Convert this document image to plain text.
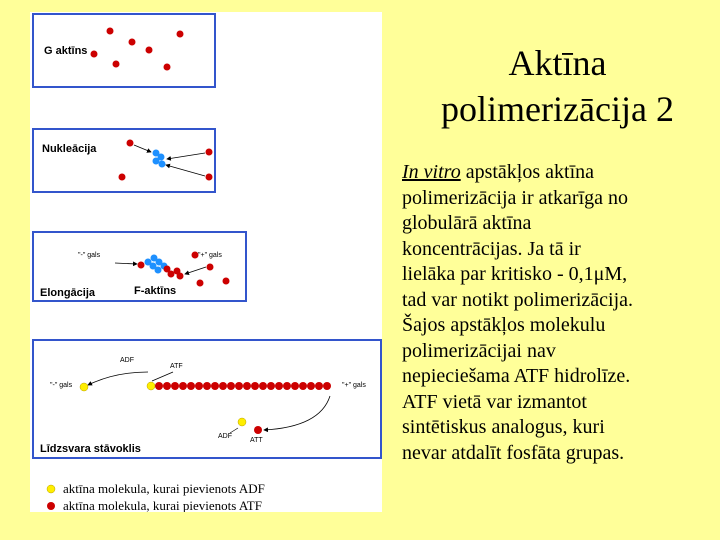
G aktīns
Nukleācija
"-" gals	"+" gals
Elongācija	F-aktīns
ADF
ATF
"-" gals	"+" gals
ADF
ATT
Līdzsvara stāvoklis
aktīna molekula, kurai pievienots ADF
aktīna molekula, kurai pievienots ATF
Aktīna
polimerizācija 2
In vitro apstākļos aktīna
polimerizācija ir atkarīga no
globulārā aktīna
koncentrācijas. Ja tā ir
lielāka par kritisko - 0,1μM,
tad var notikt polimerizācija.
Šajos apstākļos molekulu
polimerizācijai nav
nepieciešama ATF hidrolīze.
ATF vietā var izmantot
sintētiskus analogus, kuri
nevar atdalīt fosfāta grupas.
